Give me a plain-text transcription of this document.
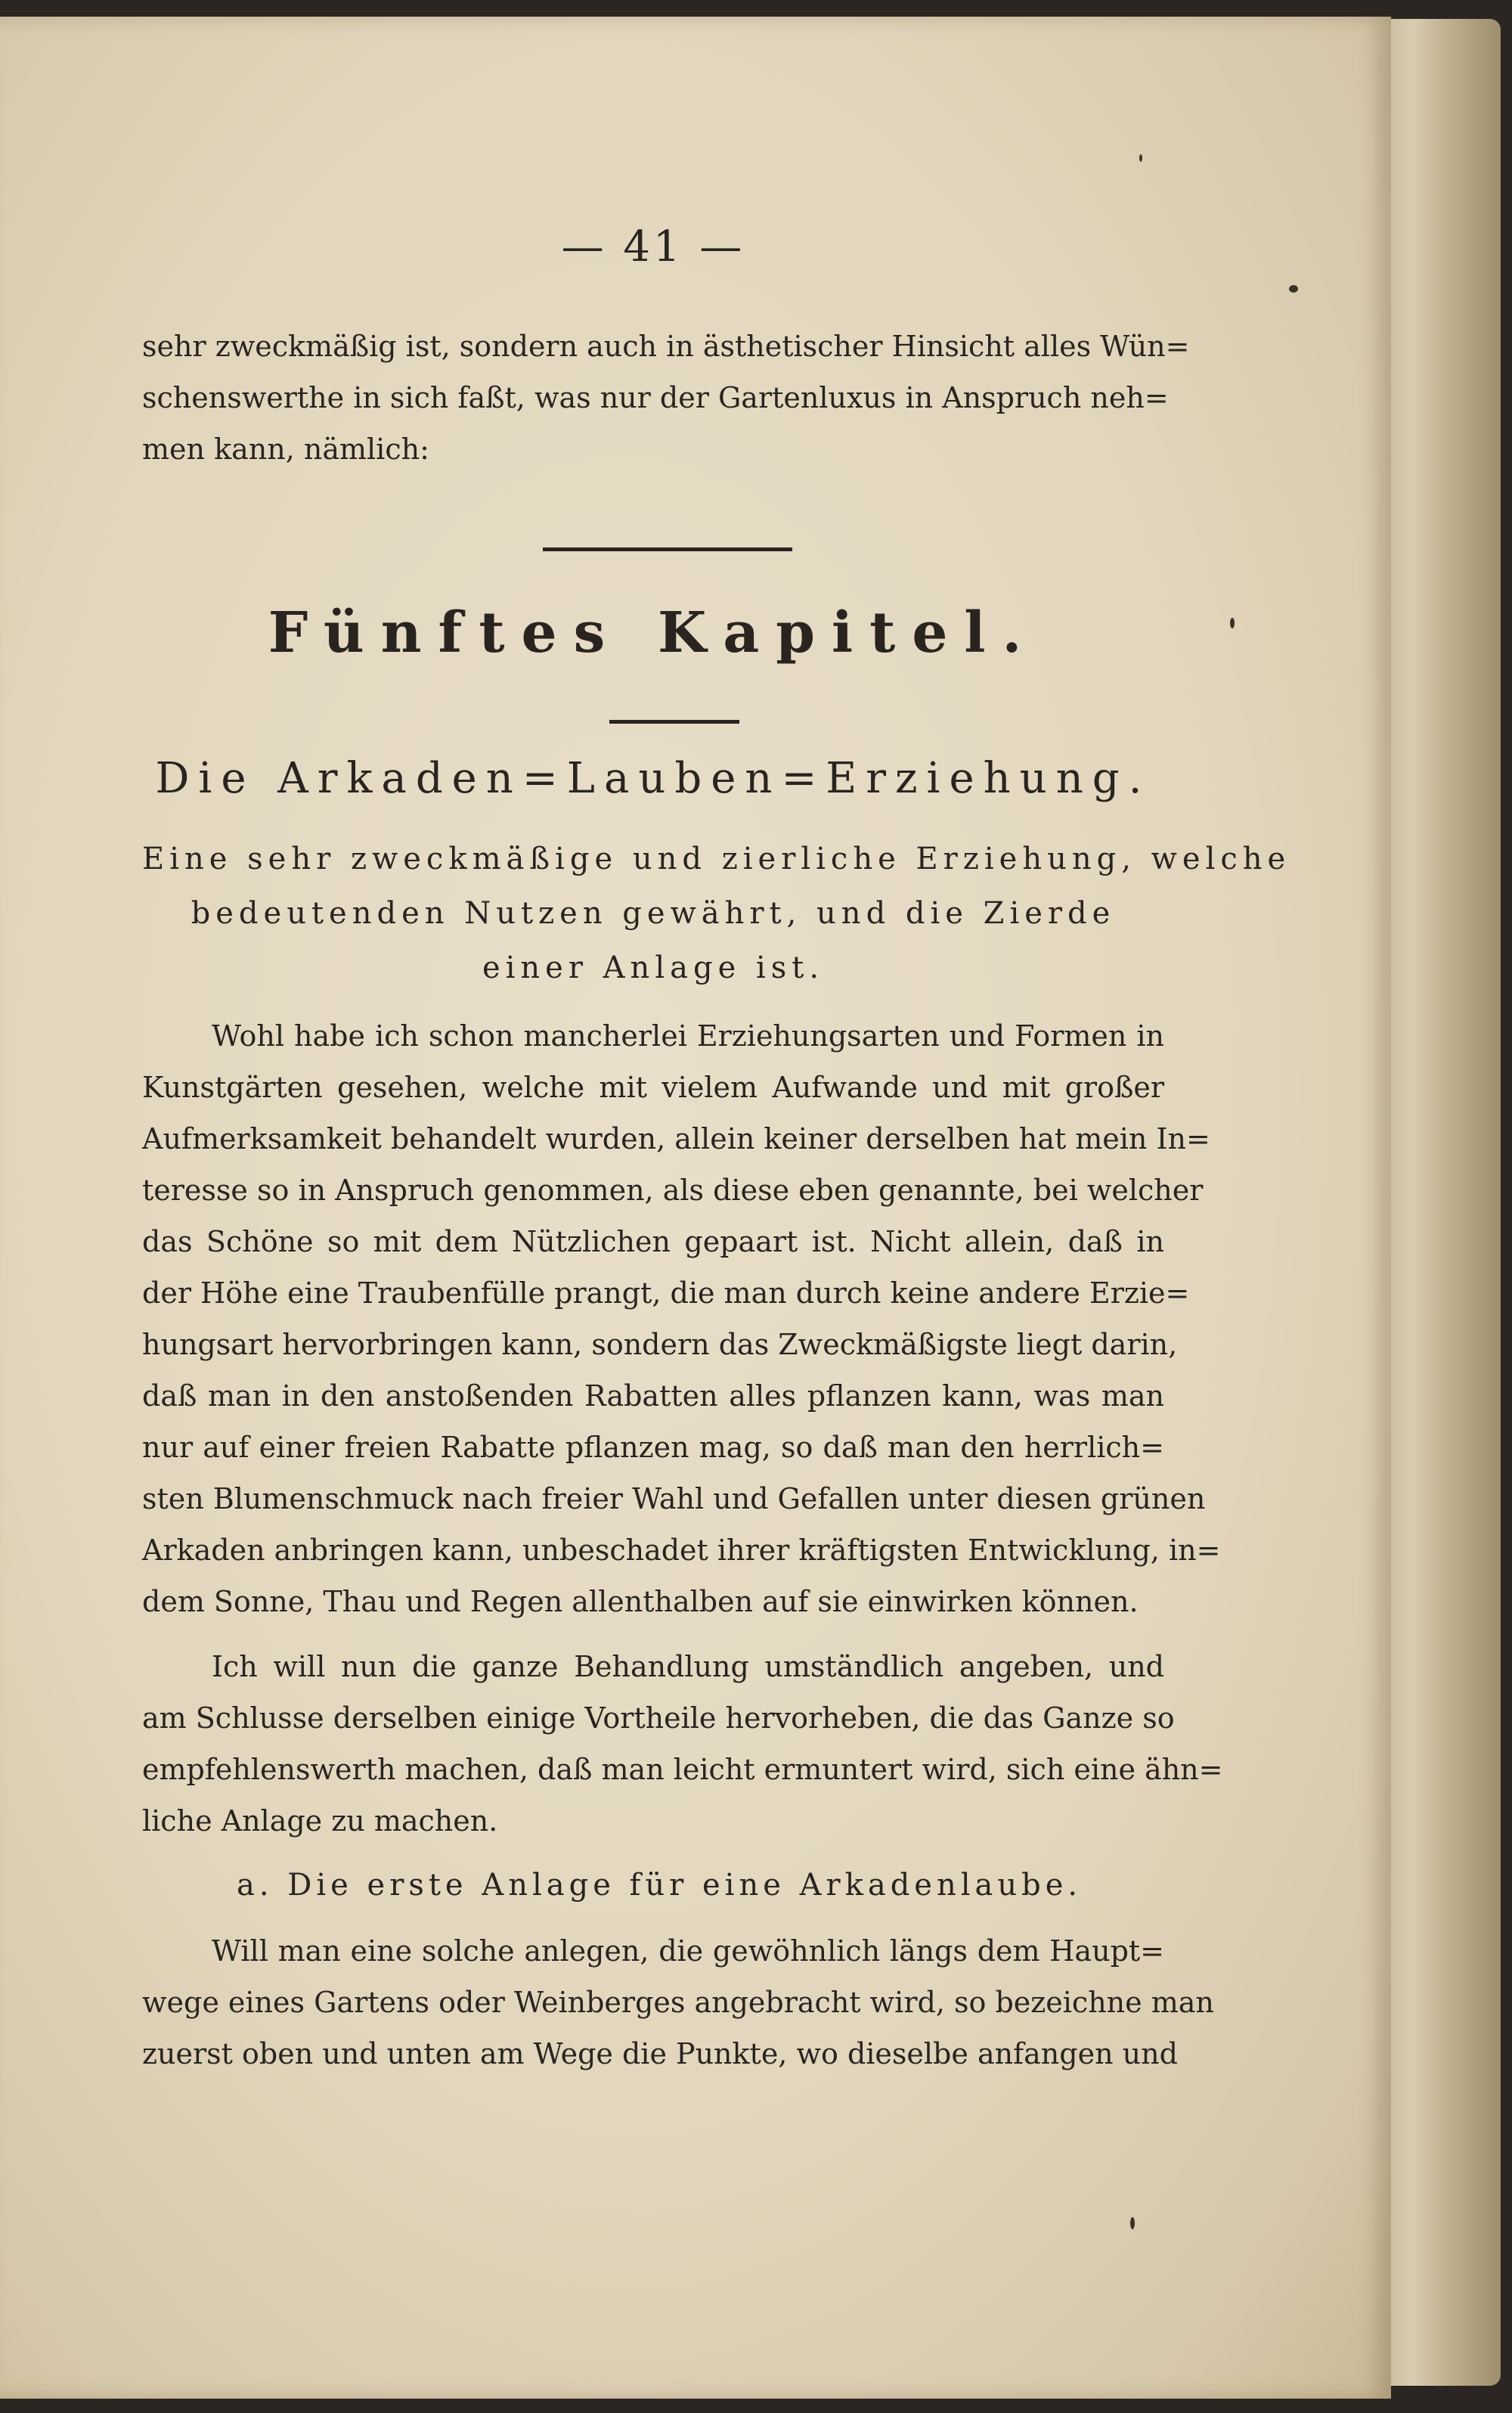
— 41 —
sehr zweckmäßig ist, sondern auch in ästhetischer Hinsicht alles Wün=
schenswerthe in sich faßt, was nur der Gartenluxus in Anspruch neh=
men kann, nämlich:
Fünftes Kapitel.
Die Arkaden=Lauben=Erziehung.
Eine sehr zweckmäßige und zierliche Erziehung, welche
bedeutenden Nutzen gewährt, und die Zierde
einer Anlage ist.
Wohl habe ich schon mancherlei Erziehungsarten und Formen in
Kunstgärten gesehen, welche mit vielem Aufwande und mit großer
Aufmerksamkeit behandelt wurden, allein keiner derselben hat mein In=
teresse so in Anspruch genommen, als diese eben genannte, bei welcher
das Schöne so mit dem Nützlichen gepaart ist. Nicht allein, daß in
der Höhe eine Traubenfülle prangt, die man durch keine andere Erzie=
hungsart hervorbringen kann, sondern das Zweckmäßigste liegt darin,
daß man in den anstoßenden Rabatten alles pflanzen kann, was man
nur auf einer freien Rabatte pflanzen mag, so daß man den herrlich=
sten Blumenschmuck nach freier Wahl und Gefallen unter diesen grünen
Arkaden anbringen kann, unbeschadet ihrer kräftigsten Entwicklung, in=
dem Sonne, Thau und Regen allenthalben auf sie einwirken können.
Ich will nun die ganze Behandlung umständlich angeben, und
am Schlusse derselben einige Vortheile hervorheben, die das Ganze so
empfehlenswerth machen, daß man leicht ermuntert wird, sich eine ähn=
liche Anlage zu machen.
a. Die erste Anlage für eine Arkadenlaube.
Will man eine solche anlegen, die gewöhnlich längs dem Haupt=
wege eines Gartens oder Weinberges angebracht wird, so bezeichne man
zuerst oben und unten am Wege die Punkte, wo dieselbe anfangen und
